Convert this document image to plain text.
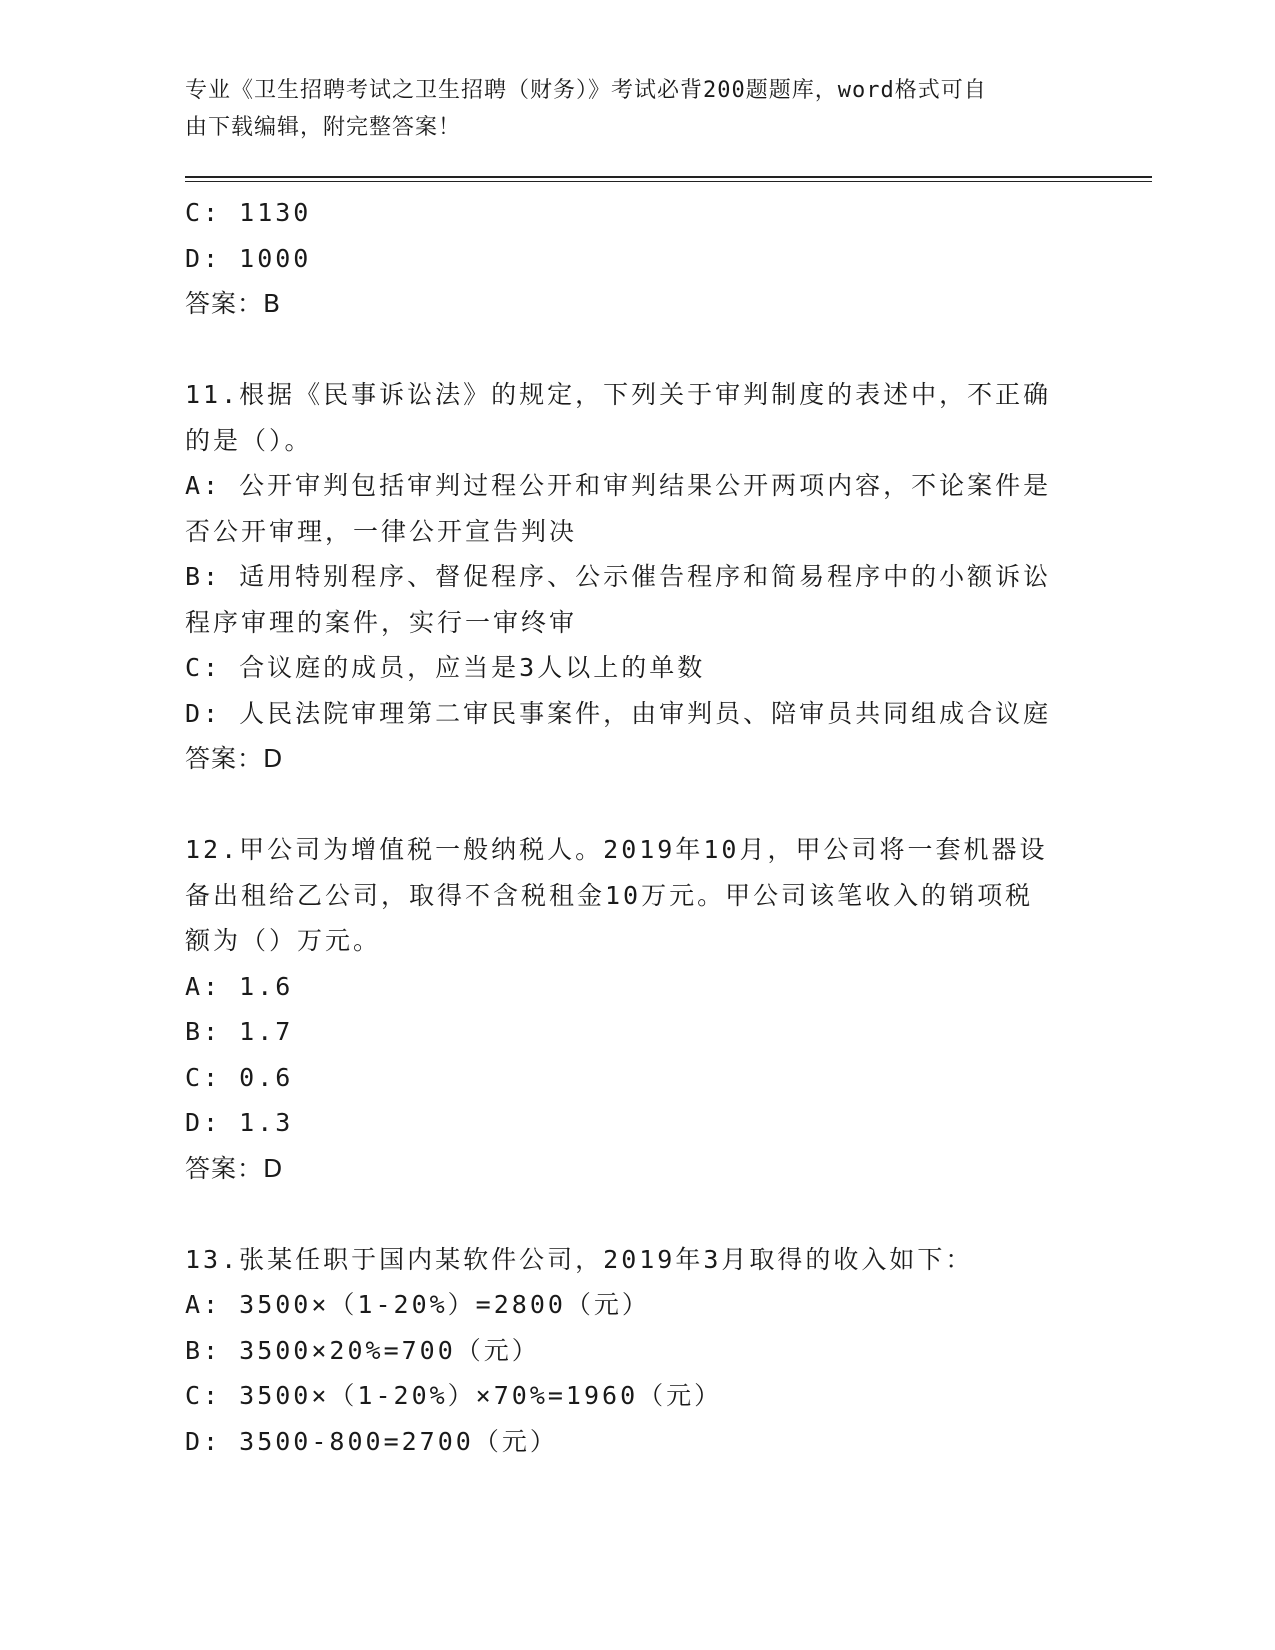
专业《卫生招聘考试之卫生招聘（财务）》考试必背200题题库，word格式可自
由下载编辑，附完整答案！
C: 1130
D: 1000
答案：B
11.根据《民事诉讼法》的规定，下列关于审判制度的表述中，不正确
的是（）。
A: 公开审判包括审判过程公开和审判结果公开两项内容，不论案件是
否公开审理，一律公开宣告判决
B: 适用特别程序、督促程序、公示催告程序和简易程序中的小额诉讼
程序审理的案件，实行一审终审
C: 合议庭的成员，应当是3人以上的单数
D: 人民法院审理第二审民事案件，由审判员、陪审员共同组成合议庭
答案：D
12.甲公司为增值税一般纳税人。2019年10月，甲公司将一套机器设
备出租给乙公司，取得不含税租金10万元。甲公司该笔收入的销项税
额为（）万元。
A: 1.6
B: 1.7
C: 0.6
D: 1.3
答案：D
13.张某任职于国内某软件公司，2019年3月取得的收入如下：
A: 3500×（1-20%）=2800（元）
B: 3500×20%=700（元）
C: 3500×（1-20%）×70%=1960（元）
D: 3500-800=2700（元）
